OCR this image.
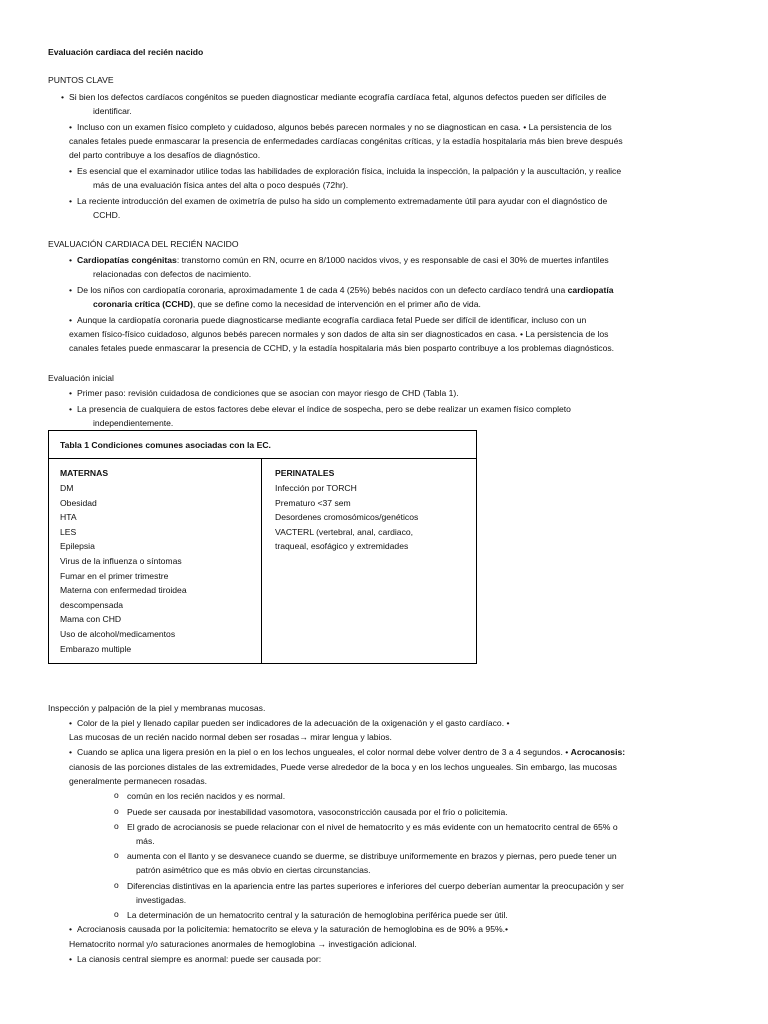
Evaluación cardiaca del recién nacido
PUNTOS CLAVE
• Si bien los defectos cardíacos congénitos se pueden diagnosticar mediante ecografía cardíaca fetal, algunos defectos pueden ser difíciles de
identificar.
• Incluso con un examen físico completo y cuidadoso, algunos bebés parecen normales y no se diagnostican en casa. • La persistencia de los
canales fetales puede enmascarar la presencia de enfermedades cardíacas congénitas críticas, y la estadía hospitalaria más bien breve después
del parto contribuye a los desafíos de diagnóstico.
• Es esencial que el examinador utilice todas las habilidades de exploración física, incluida la inspección, la palpación y la auscultación, y realice
más de una evaluación física antes del alta o poco después (72hr).
• La reciente introducción del examen de oximetría de pulso ha sido un complemento extremadamente útil para ayudar con el diagnóstico de
CCHD.
EVALUACIÓN CARDIACA DEL RECIÉN NACIDO
• Cardiopatías congénitas: transtorno común en RN, ocurre en 8/1000 nacidos vivos, y es responsable de casi el 30% de muertes infantiles
relacionadas con defectos de nacimiento.
• De los niños con cardiopatía coronaria, aproximadamente 1 de cada 4 (25%) bebés nacidos con un defecto cardíaco tendrá una cardiopatía
coronaria crítica (CCHD), que se define como la necesidad de intervención en el primer año de vida.
• Aunque la cardiopatía coronaria puede diagnosticarse mediante ecografía cardiaca fetal Puede ser difícil de identificar, incluso con un
examen físico-físico cuidadoso, algunos bebés parecen normales y son dados de alta sin ser diagnosticados en casa. • La persistencia de los
canales fetales puede enmascarar la presencia de CCHD, y la estadía hospitalaria más bien posparto contribuye a los problemas diagnósticos.
Evaluación inicial
• Primer paso: revisión cuidadosa de condiciones que se asocian con mayor riesgo de CHD (Tabla 1).
• La presencia de cualquiera de estos factores debe elevar el índice de sospecha, pero se debe realizar un examen físico completo
independientemente.
Tabla 1 Condiciones comunes asociadas con la EC.
MATERNAS
DM
Obesidad
HTA
LES
Epilepsia
Virus de la influenza o síntomas
Fumar en el primer trimestre
Materna con enfermedad tiroidea
descompensada
Mama con CHD
Uso de alcohol/medicamentos
Embarazo multiple
PERINATALES
Infección por TORCH
Prematuro <37 sem
Desordenes cromosómicos/genéticos
VACTERL (vertebral, anal, cardiaco,
traqueal, esofágico y extremidades
Inspección y palpación de la piel y membranas mucosas.
• Color de la piel y llenado capilar pueden ser indicadores de la adecuación de la oxigenación y el gasto cardíaco. •
Las mucosas de un recién nacido normal deben ser rosadas→ mirar lengua y labios.
• Cuando se aplica una ligera presión en la piel o en los lechos ungueales, el color normal debe volver dentro de 3 a 4 segundos. • Acrocanosis:
cianosis de las porciones distales de las extremidades, Puede verse alrededor de la boca y en los lechos ungueales. Sin embargo, las mucosas
generalmente permanecen rosadas.
o común en los recién nacidos y es normal.
o Puede ser causada por inestabilidad vasomotora, vasoconstricción causada por el frío o policitemia.
o El grado de acrocianosis se puede relacionar con el nivel de hematocrito y es más evidente con un hematocrito central de 65% o
más.
o aumenta con el llanto y se desvanece cuando se duerme, se distribuye uniformemente en brazos y piernas, pero puede tener un
patrón asimétrico que es más obvio en ciertas circunstancias.
o Diferencias distintivas en la apariencia entre las partes superiores e inferiores del cuerpo deberían aumentar la preocupación y ser
investigadas.
o La determinación de un hematocrito central y la saturación de hemoglobina periférica puede ser útil.
• Acrocianosis causada por la policitemia: hematocrito se eleva y la saturación de hemoglobina es de 90% a 95%.•
Hematocrito normal y/o saturaciones anormales de hemoglobina → investigación adicional.
• La cianosis central siempre es anormal: puede ser causada por:
